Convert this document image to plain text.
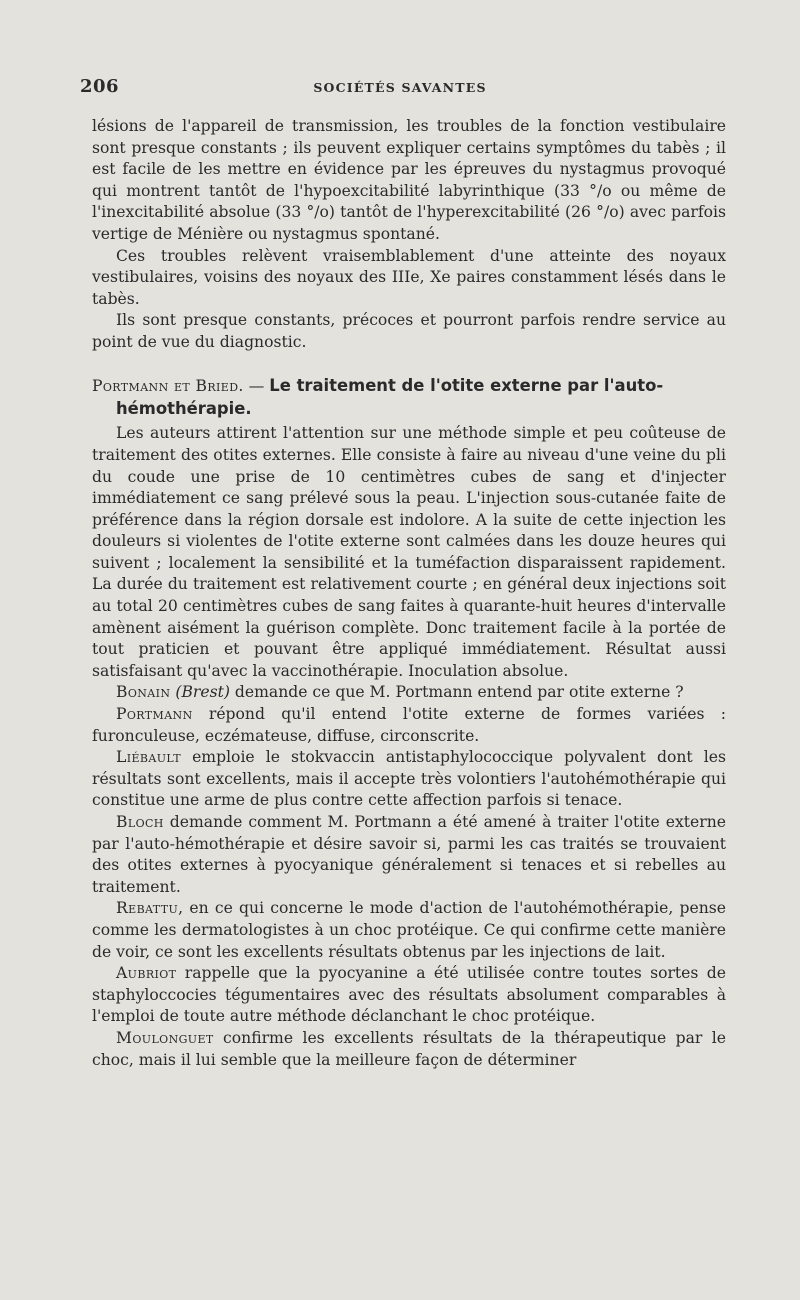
206	SOCIÉTÉS SAVANTES

lésions de l'appareil de transmission, les troubles de la fonction vestibulaire sont presque constants ; ils peuvent expliquer certains symptômes du tabès ; il est facile de les mettre en évidence par les épreuves du nystagmus provoqué qui montrent tantôt de l'hypoexcitabilité labyrinthique (33 °/o ou même de l'inexcitabilité absolue (33 °/o) tantôt de l'hyperexcitabilité (26 °/o) avec parfois vertige de Ménière ou nystagmus spontané.

Ces troubles relèvent vraisemblablement d'une atteinte des noyaux vestibulaires, voisins des noyaux des IIIe, Xe paires constamment lésés dans le tabès.

Ils sont presque constants, précoces et pourront parfois rendre service au point de vue du diagnostic.

Portmann et Bried. — Le traitement de l'otite externe par l'auto-
hémothérapie.

Les auteurs attirent l'attention sur une méthode simple et peu coûteuse de traitement des otites externes. Elle consiste à faire au niveau d'une veine du pli du coude une prise de 10 centimètres cubes de sang et d'injecter immédiatement ce sang prélevé sous la peau. L'injection sous-cutanée faite de préférence dans la région dorsale est indolore. A la suite de cette injection les douleurs si violentes de l'otite externe sont calmées dans les douze heures qui suivent ; localement la sensibilité et la tuméfaction disparaissent rapidement. La durée du traitement est relativement courte ; en général deux injections soit au total 20 centimètres cubes de sang faites à quarante-huit heures d'intervalle amènent aisément la guérison complète. Donc traitement facile à la portée de tout praticien et pouvant être appliqué immédiatement. Résultat aussi satisfaisant qu'avec la vaccinothérapie. Inoculation absolue.

Bonain (Brest) demande ce que M. Portmann entend par otite externe ?

Portmann répond qu'il entend l'otite externe de formes variées : furonculeuse, eczémateuse, diffuse, circonscrite.

Liébault emploie le stokvaccin antistaphylococcique polyvalent dont les résultats sont excellents, mais il accepte très volontiers l'autohémothérapie qui constitue une arme de plus contre cette affection parfois si tenace.

Bloch demande comment M. Portmann a été amené à traiter l'otite externe par l'auto-hémothérapie et désire savoir si, parmi les cas traités se trouvaient des otites externes à pyocyanique généralement si tenaces et si rebelles au traitement.

Rebattu, en ce qui concerne le mode d'action de l'autohémothérapie, pense comme les dermatologistes à un choc protéique. Ce qui confirme cette manière de voir, ce sont les excellents résultats obtenus par les injections de lait.

Aubriot rappelle que la pyocyanine a été utilisée contre toutes sortes de staphyloccocies tégumentaires avec des résultats absolument comparables à l'emploi de toute autre méthode déclanchant le choc protéique.

Moulonguet confirme les excellents résultats de la thérapeutique par le choc, mais il lui semble que la meilleure façon de déterminer
